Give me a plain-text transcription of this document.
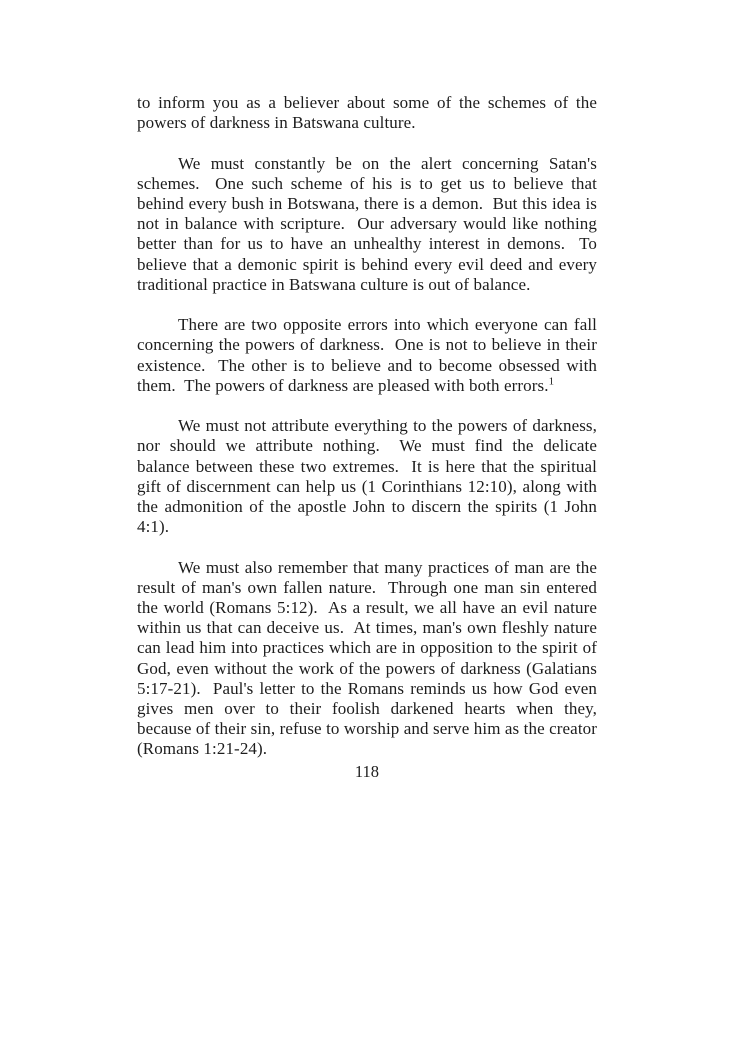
to inform you as a believer about some of the schemes of the powers of darkness in Batswana culture.

We must constantly be on the alert concerning Satan's schemes.  One such scheme of his is to get us to believe that behind every bush in Botswana, there is a demon.  But this idea is not in balance with scripture.  Our adversary would like nothing better than for us to have an unhealthy interest in demons.  To believe that a demonic spirit is behind every evil deed and every traditional practice in Batswana culture is out of balance.

There are two opposite errors into which everyone can fall concerning the powers of darkness.  One is not to believe in their existence.  The other is to believe and to become obsessed with them.  The powers of darkness are pleased with both errors.$^1$

We must not attribute everything to the powers of darkness, nor should we attribute nothing.  We must find the delicate balance between these two extremes.  It is here that the spiritual gift of discernment can help us (1 Corinthians 12:10), along with the admonition of the apostle John to discern the spirits (1 John 4:1).

We must also remember that many practices of man are the result of man's own fallen nature.  Through one man sin entered the world (Romans 5:12).  As a result, we all have an evil nature within us that can deceive us.  At times, man's own fleshly nature can lead him into practices which are in opposition to the spirit of God, even without the work of the powers of darkness (Galatians 5:17-21).  Paul's letter to the Romans reminds us how God even gives men over to their foolish darkened hearts when they, because of their sin, refuse to worship and serve him as the creator (Romans 1:21-24).

118
